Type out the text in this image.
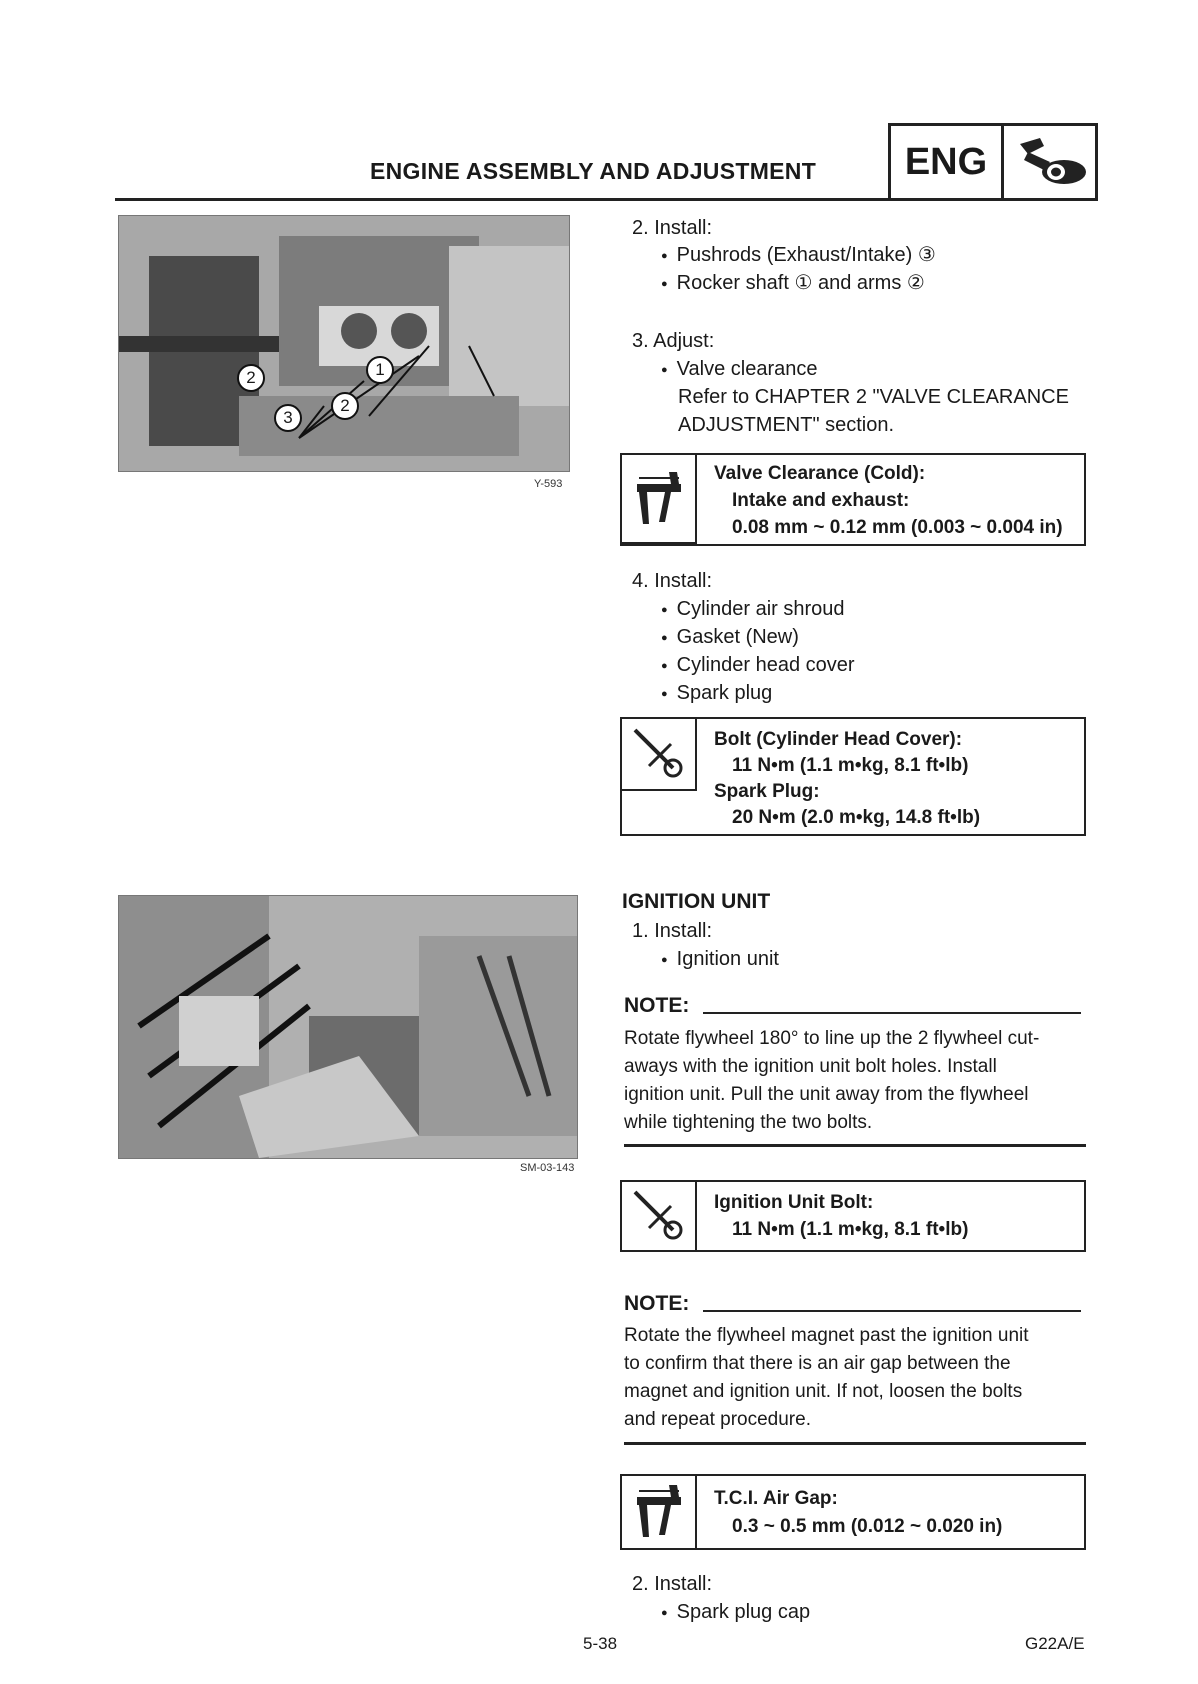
ENGINE ASSEMBLY AND ADJUSTMENT	ENG
1
2
2
3
Y-593
2. Install:
● Pushrods (Exhaust/Intake) ③
● Rocker shaft ① and arms ②
3. Adjust:
● Valve clearance
Refer to CHAPTER 2 "VALVE CLEARANCE
ADJUSTMENT" section.
Valve Clearance (Cold):
Intake and exhaust:
0.08 mm ~ 0.12 mm (0.003 ~ 0.004 in)
4. Install:
● Cylinder air shroud
● Gasket (New)
● Cylinder head cover
● Spark plug
Bolt (Cylinder Head Cover):
11 N•m (1.1 m•kg, 8.1 ft•lb)
Spark Plug:
20 N•m (2.0 m•kg, 14.8 ft•lb)
SM-03-143
IGNITION UNIT
1. Install:
● Ignition unit
NOTE:
Rotate flywheel 180° to line up the 2 flywheel cut-
aways with the ignition unit bolt holes. Install
ignition unit. Pull the unit away from the flywheel
while tightening the two bolts.
Ignition Unit Bolt:
11 N•m (1.1 m•kg, 8.1 ft•lb)
NOTE:
Rotate the flywheel magnet past the ignition unit
to confirm that there is an air gap between the
magnet and ignition unit. If not, loosen the bolts
and repeat procedure.
T.C.I. Air Gap:
0.3 ~ 0.5 mm (0.012 ~ 0.020 in)
2. Install:
● Spark plug cap
5-38	G22A/E
